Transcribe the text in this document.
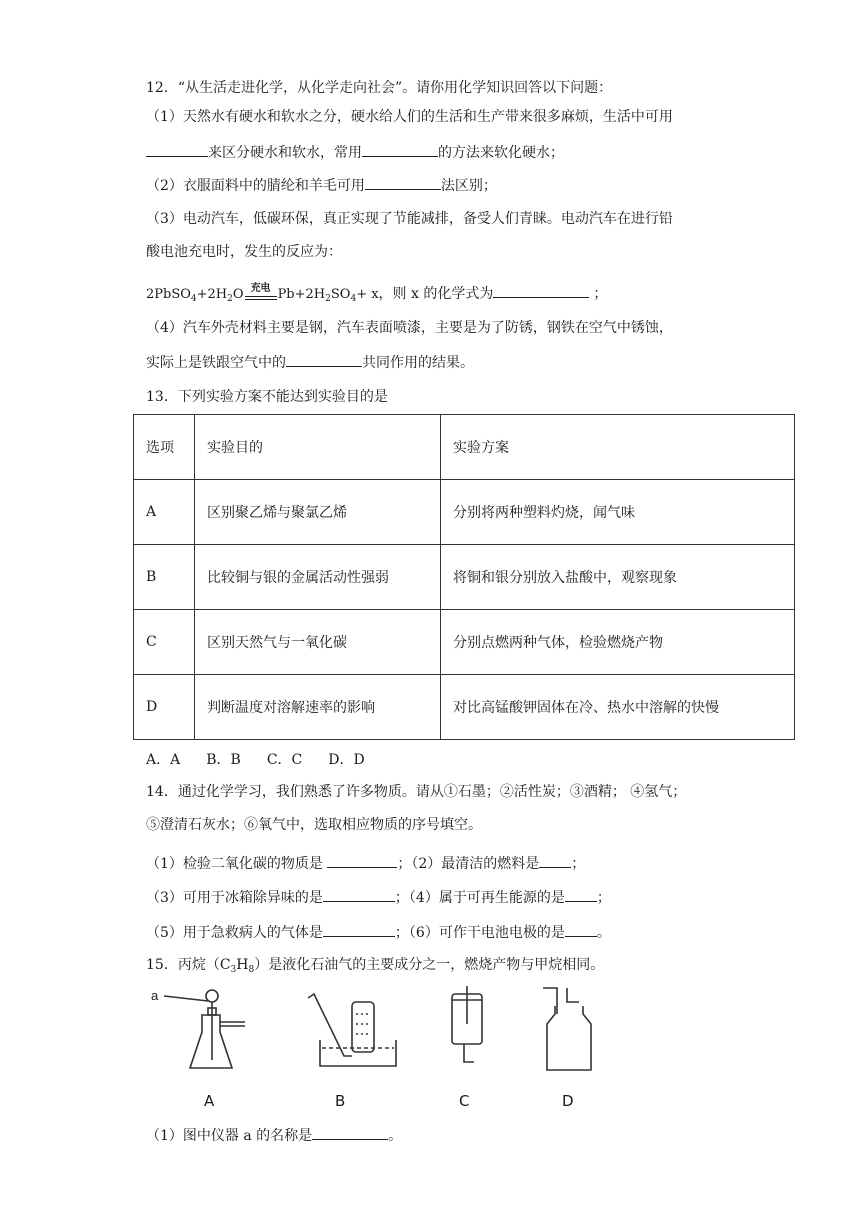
12．“从生活走进化学，从化学走向社会”。请你用化学知识回答以下问题：
（1）天然水有硬水和软水之分，硬水给人们的生活和生产带来很多麻烦，生活中可用
来区分硬水和软水，常用	的方法来软化硬水；
（2）衣服面料中的腈纶和羊毛可用	法区别；
（3）电动汽车，低碳环保，真正实现了节能减排，备受人们青睐。电动汽车在进行铅
酸电池充电时，发生的反应为：
$2PbSO_4+2H_2O$ 充电 $Pb+2H_2SO_4+ x$，则 x 的化学式为	；
（4）汽车外壳材料主要是钢，汽车表面喷漆，主要是为了防锈，钢铁在空气中锈蚀，
实际上是铁跟空气中的	共同作用的结果。
13．下列实验方案不能达到实验目的是
选项	实验目的	实验方案
A	区别聚乙烯与聚氯乙烯	分别将两种塑料灼烧，闻气味
B	比较铜与银的金属活动性强弱	将铜和银分别放入盐酸中，观察现象
C	区别天然气与一氧化碳	分别点燃两种气体，检验燃烧产物
D	判断温度对溶解速率的影响	对比高锰酸钾固体在冷、热水中溶解的快慢
A．A B．B C．C D．D
14．通过化学学习，我们熟悉了许多物质。请从①石墨；②活性炭；③酒精； ④氢气；
⑤澄清石灰水；⑥氧气中，选取相应物质的序号填空。
（1）检验二氧化碳的物质是	；（2）最清洁的燃料是 ；
（3）可用于冰箱除异味的是	；（4）属于可再生能源的是 ；
（5）用于急救病人的气体是	；（6）可作干电池电极的是 。
15．丙烷$(C_3H_8)$是液化石油气的主要成分之一，燃烧产物与甲烷相同。
a
A	B	C	D
（1）图中仪器 a 的名称是	。
